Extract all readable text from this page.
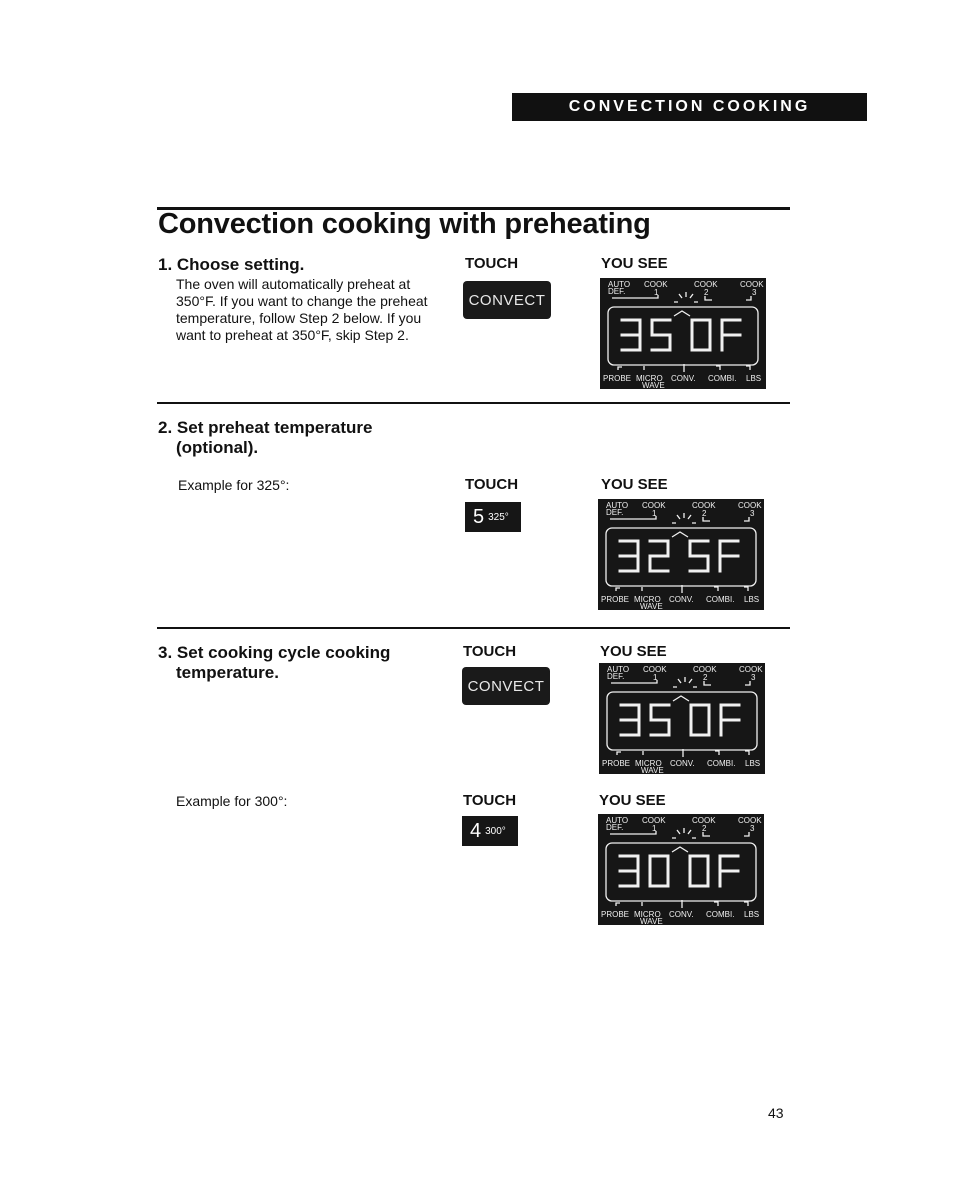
CONVECTION COOKING
Convection cooking with preheating
1. Choose setting.
The oven will automatically preheat at
350°F. If you want to change the preheat
temperature, follow Step 2 below. If you
want to preheat at 350°F, skip Step 2.
TOUCH	YOU SEE
CONVECT
AUTO
DEF.
COOK
1
COOK
2
COOK
3
PROBE MICRO
WAVE
CONV. COMBI. LBS
2. Set preheat temperature
(optional).
Example for 325°:	TOUCH	YOU SEE
5 325°
AUTO
DEF.
COOK
1
COOK
2
COOK
3
PROBE MICRO
WAVE
CONV. COMBI. LBS
3. Set cooking cycle cooking
temperature.
TOUCH	YOU SEE
CONVECT
AUTO
DEF.
COOK
1
COOK
2
COOK
3
PROBE MICRO
WAVE
CONV. COMBI. LBS
Example for 300°:	TOUCH	YOU SEE
4 300°
AUTO
DEF.
COOK
1
COOK
2
COOK
3
PROBE MICRO
WAVE
CONV. COMBI. LBS
43
